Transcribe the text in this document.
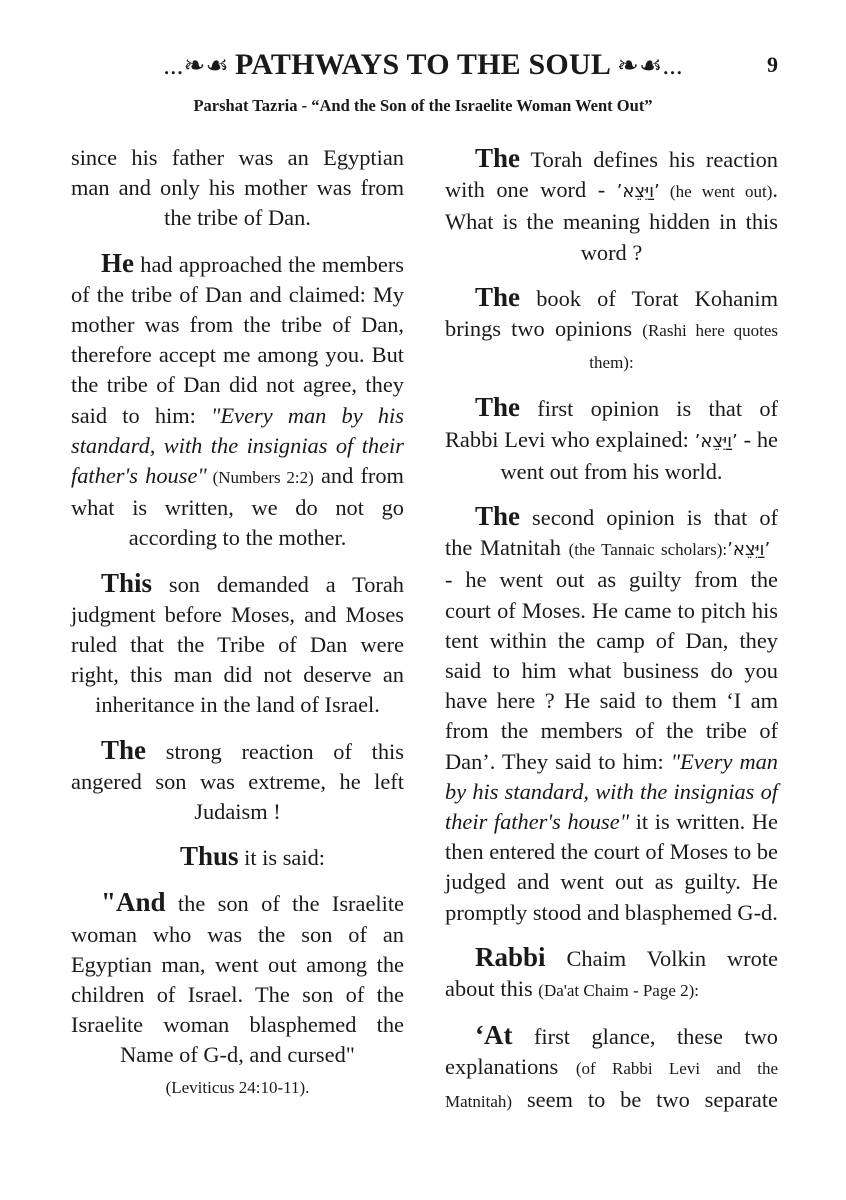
...❧☙ PATHWAYS TO THE SOUL ❧☙...	9
Parshat Tazria - “And the Son of the Israelite Woman Went Out”

since his father was an Egyptian man and only his mother was from the tribe of Dan.

He had approached the members of the tribe of Dan and claimed: My mother was from the tribe of Dan, therefore accept me among you. But the tribe of Dan did not agree, they said to him: "Every man by his standard, with the insignias of their father's house" (Numbers 2:2) and from what is written, we do not go according to the mother.

This son demanded a Torah judgment before Moses, and Moses ruled that the Tribe of Dan were right, this man did not deserve an inheritance in the land of Israel.

The strong reaction of this angered son was extreme, he left Judaism !

Thus it is said:

"And the son of the Israelite woman who was the son of an Egyptian man, went out among the children of Israel. The son of the Israelite woman blasphemed the Name of G-d, and cursed"
(Leviticus 24:10-11).

The Torah defines his reaction with one word - ’וַיֵּצֵא’ (he went out). What is the meaning hidden in this word ?

The book of Torat Kohanim brings two opinions (Rashi here quotes them):

The first opinion is that of Rabbi Levi who explained: ’וַיֵּצֵא’ - he went out from his world.

The second opinion is that of the Matnitah (the Tannaic scholars): ’וַיֵּצֵא’ - he went out as guilty from the court of Moses. He came to pitch his tent within the camp of Dan, they said to him what business do you have here ? He said to them ‘I am from the members of the tribe of Dan’. They said to him: "Every man by his standard, with the insignias of their father's house" it is written. He then entered the court of Moses to be judged and went out as guilty. He promptly stood and blasphemed G-d.

Rabbi Chaim Volkin wrote about this (Da'at Chaim - Page 2):

‘At first glance, these two explanations (of Rabbi Levi and the Matnitah) seem to be two separate
